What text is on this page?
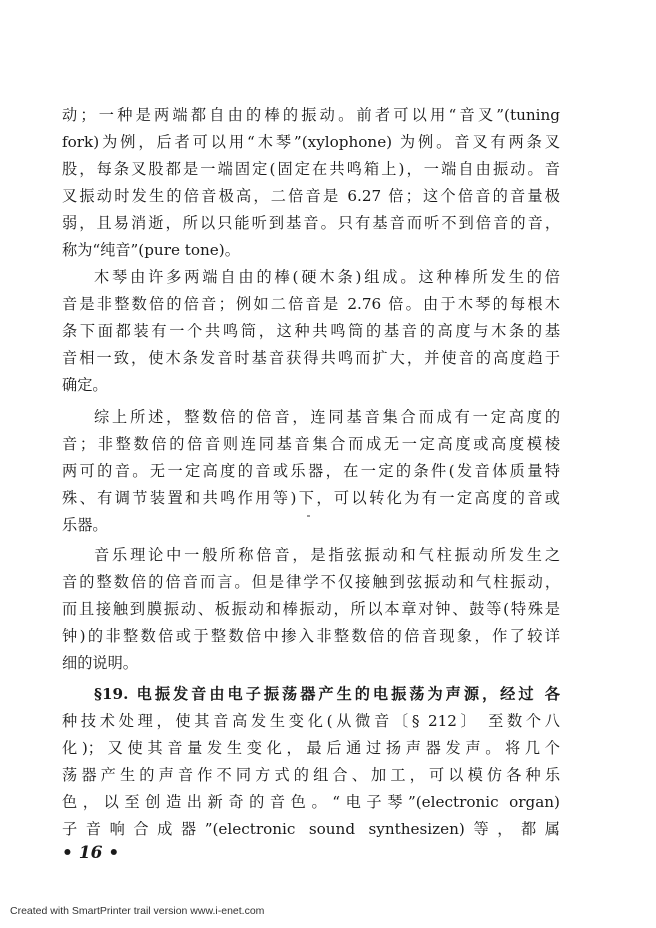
动；一种是两端都自由的棒的振动。前者可以用“音叉”(tuning
fork)为例，后者可以用“木琴”(xylophone) 为例。音叉有两条叉
股，每条叉股都是一端固定(固定在共鸣箱上)，一端自由振动。音
叉振动时发生的倍音极高，二倍音是 6.27 倍；这个倍音的音量极
弱，且易消逝，所以只能听到基音。只有基音而听不到倍音的音，
称为“纯音”(pure tone)。
木琴由许多两端自由的棒(硬木条)组成。这种棒所发生的倍
音是非整数倍的倍音；例如二倍音是 2.76 倍。由于木琴的每根木
条下面都装有一个共鸣筒，这种共鸣筒的基音的高度与木条的基
音相一致，使木条发音时基音获得共鸣而扩大，并使音的高度趋于
确定。
综上所述，整数倍的倍音，连同基音集合而成有一定高度的
音；非整数倍的倍音则连同基音集合而成无一定高度或高度模棱
两可的音。无一定高度的音或乐器，在一定的条件(发音体质量特
殊、有调节装置和共鸣作用等)下，可以转化为有一定高度的音或
乐器。
音乐理论中一般所称倍音，是指弦振动和气柱振动所发生之
音的整数倍的倍音而言。但是律学不仅接触到弦振动和气柱振动，
而且接触到膜振动、板振动和棒振动，所以本章对钟、鼓等(特殊是
钟)的非整数倍或于整数倍中掺入非整数倍的倍音现象，作了较详
细的说明。
§19. 电振发音由电子振荡器产生的电振荡为声源，经过 各
种技术处理，使其音高发生变化(从微音〔§ 212〕 至数个八
化)；又使其音量发生变化，最后通过扬声器发声。将几个
荡器产生的声音作不同方式的组合、加工，可以模仿各种乐
色，以至创造出新奇的音色。“电子琴”(electronic organ)
子音响合成器”(electronic sound synthesizen)等，都属
• 16 •
Created with SmartPrinter trail version www.i-enet.com
